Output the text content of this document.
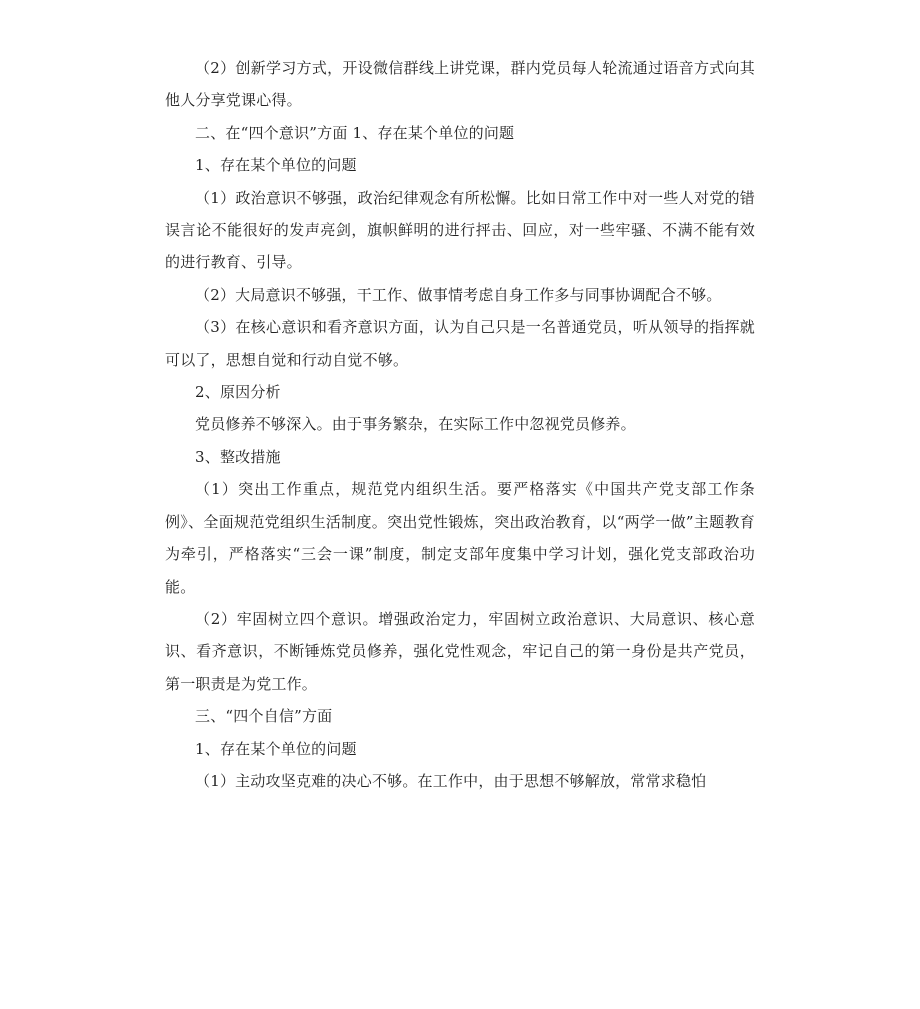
（2）创新学习方式，开设微信群线上讲党课，群内党员每人轮流通过语音方式向其他人分享党课心得。

二、在“四个意识”方面 1、存在某个单位的问题

1、存在某个单位的问题

（1）政治意识不够强，政治纪律观念有所松懈。比如日常工作中对一些人对党的错误言论不能很好的发声亮剑，旗帜鲜明的进行抨击、回应，对一些牢骚、不满不能有效的进行教育、引导。

（2）大局意识不够强，干工作、做事情考虑自身工作多与同事协调配合不够。

（3）在核心意识和看齐意识方面，认为自己只是一名普通党员，听从领导的指挥就可以了，思想自觉和行动自觉不够。

2、原因分析

党员修养不够深入。由于事务繁杂，在实际工作中忽视党员修养。

3、整改措施

（1）突出工作重点，规范党内组织生活。要严格落实《中国共产党支部工作条例》、全面规范党组织生活制度。突出党性锻炼，突出政治教育，以“两学一做”主题教育为牵引，严格落实“三会一课”制度，制定支部年度集中学习计划，强化党支部政治功能。

（2）牢固树立四个意识。增强政治定力，牢固树立政治意识、大局意识、核心意识、看齐意识，不断锤炼党员修养，强化党性观念，牢记自己的第一身份是共产党员，第一职责是为党工作。

三、“四个自信”方面

1、存在某个单位的问题

（1）主动攻坚克难的决心不够。在工作中，由于思想不够解放，常常求稳怕
